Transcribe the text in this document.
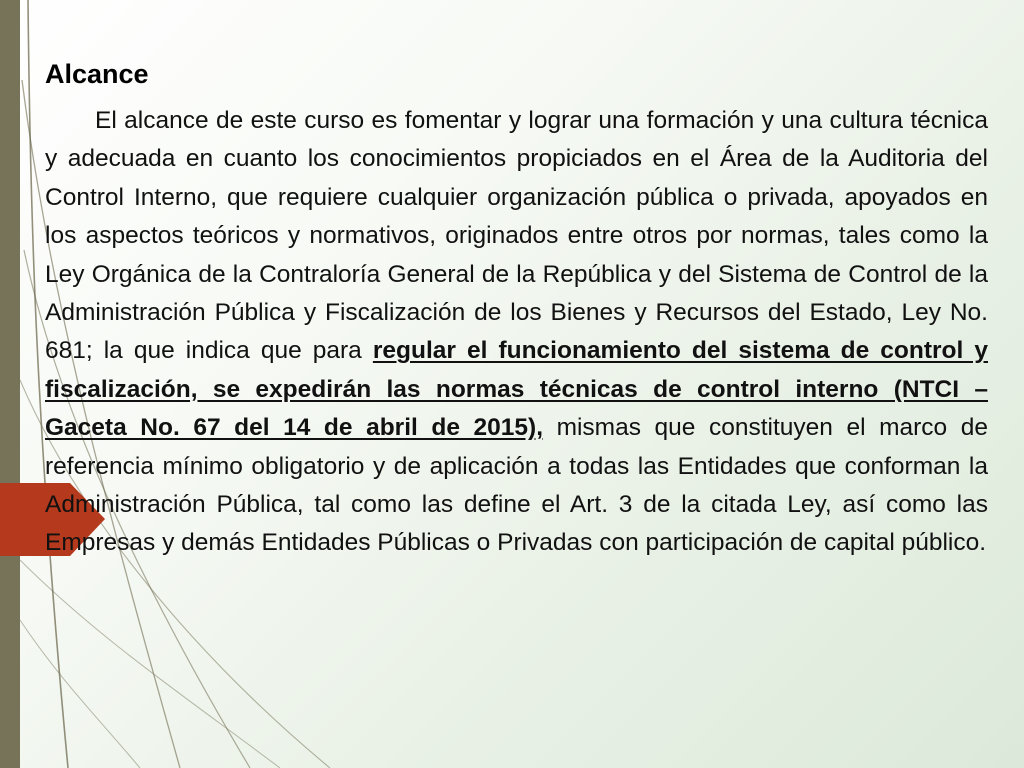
Alcance

El alcance de este curso es fomentar y lograr una formación y una cultura técnica y adecuada en cuanto los conocimientos propiciados en el Área de la Auditoria del Control Interno, que requiere cualquier organización pública o privada, apoyados en los aspectos teóricos y normativos, originados entre otros por normas, tales como la Ley Orgánica de la Contraloría General de la República y del Sistema de Control de la Administración Pública y Fiscalización de los Bienes y Recursos del Estado, Ley No. 681; la que indica que para regular el funcionamiento del sistema de control y fiscalización, se expedirán las normas técnicas de control interno (NTCI – Gaceta No. 67 del 14 de abril de 2015), mismas que constituyen el marco de referencia mínimo obligatorio y de aplicación a todas las Entidades que conforman la Administración Pública, tal como las define el Art. 3 de la citada Ley, así como las Empresas y demás Entidades Públicas o Privadas con participación de capital público.
